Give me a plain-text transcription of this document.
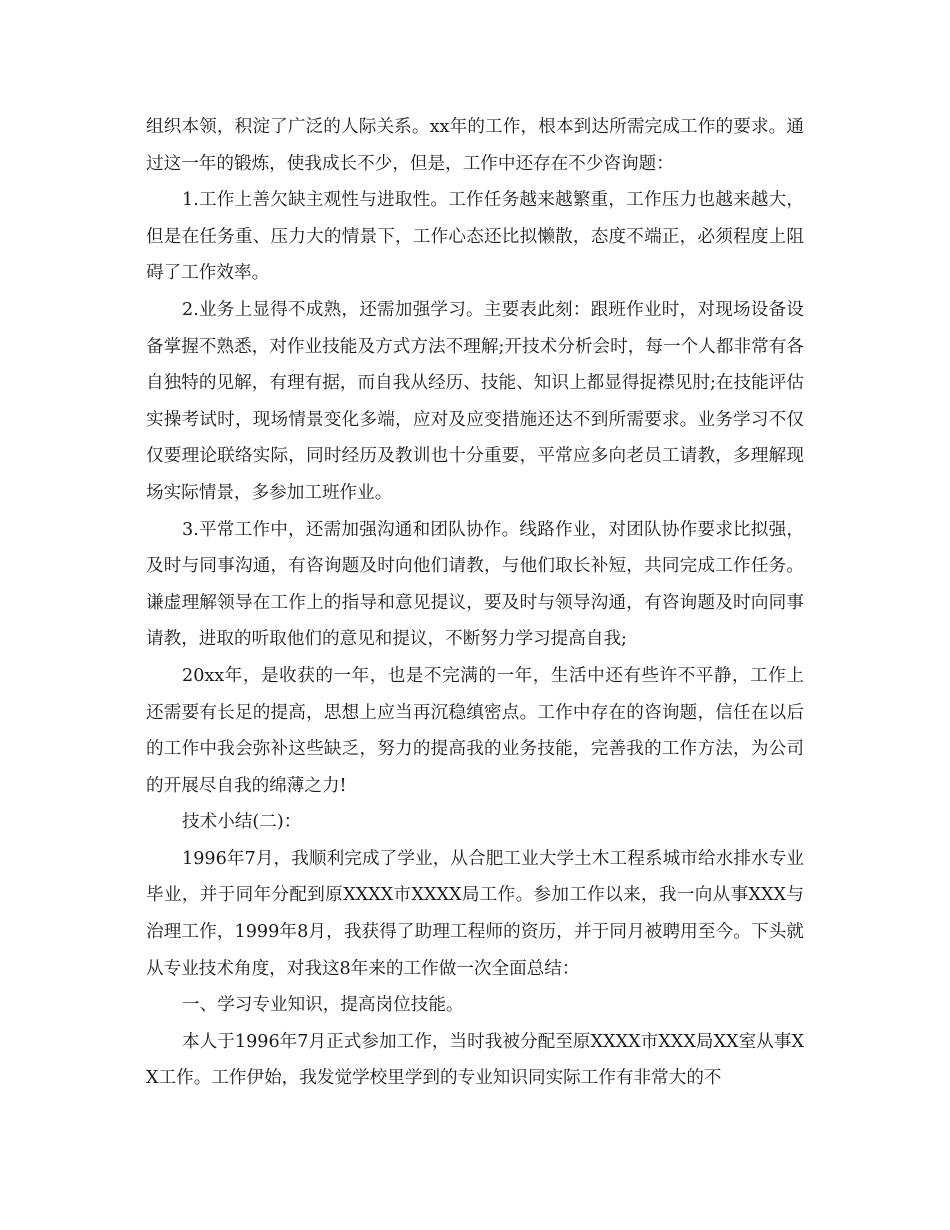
组织本领，积淀了广泛的人际关系。xx年的工作，根本到达所需完成工作的要求。通过这一年的锻炼，使我成长不少，但是，工作中还存在不少咨询题：

1.工作上善欠缺主观性与进取性。工作任务越来越繁重，工作压力也越来越大，但是在任务重、压力大的情景下，工作心态还比拟懒散，态度不端正，必须程度上阻碍了工作效率。

2.业务上显得不成熟，还需加强学习。主要表此刻：跟班作业时，对现场设备设备掌握不熟悉，对作业技能及方式方法不理解;开技术分析会时，每一个人都非常有各自独特的见解，有理有据，而自我从经历、技能、知识上都显得捉襟见肘;在技能评估实操考试时，现场情景变化多端，应对及应变措施还达不到所需要求。业务学习不仅仅要理论联络实际，同时经历及教训也十分重要，平常应多向老员工请教，多理解现场实际情景，多参加工班作业。

3.平常工作中，还需加强沟通和团队协作。线路作业，对团队协作要求比拟强，及时与同事沟通，有咨询题及时向他们请教，与他们取长补短，共同完成工作任务。谦虚理解领导在工作上的指导和意见提议，要及时与领导沟通，有咨询题及时向同事请教，进取的听取他们的意见和提议，不断努力学习提高自我;

20xx年，是收获的一年，也是不完满的一年，生活中还有些许不平静，工作上还需要有长足的提高，思想上应当再沉稳缜密点。工作中存在的咨询题，信任在以后的工作中我会弥补这些缺乏，努力的提高我的业务技能，完善我的工作方法，为公司的开展尽自我的绵薄之力!

技术小结(二)：

1996年7月，我顺利完成了学业，从合肥工业大学土木工程系城市给水排水专业毕业，并于同年分配到原XXXX市XXXX局工作。参加工作以来，我一向从事XXX与治理工作，1999年8月，我获得了助理工程师的资历，并于同月被聘用至今。下头就从专业技术角度，对我这8年来的工作做一次全面总结：

一、学习专业知识，提高岗位技能。

本人于1996年7月正式参加工作，当时我被分配至原XXXX市XXX局XX室从事XX工作。工作伊始，我发觉学校里学到的专业知识同实际工作有非常大的不
